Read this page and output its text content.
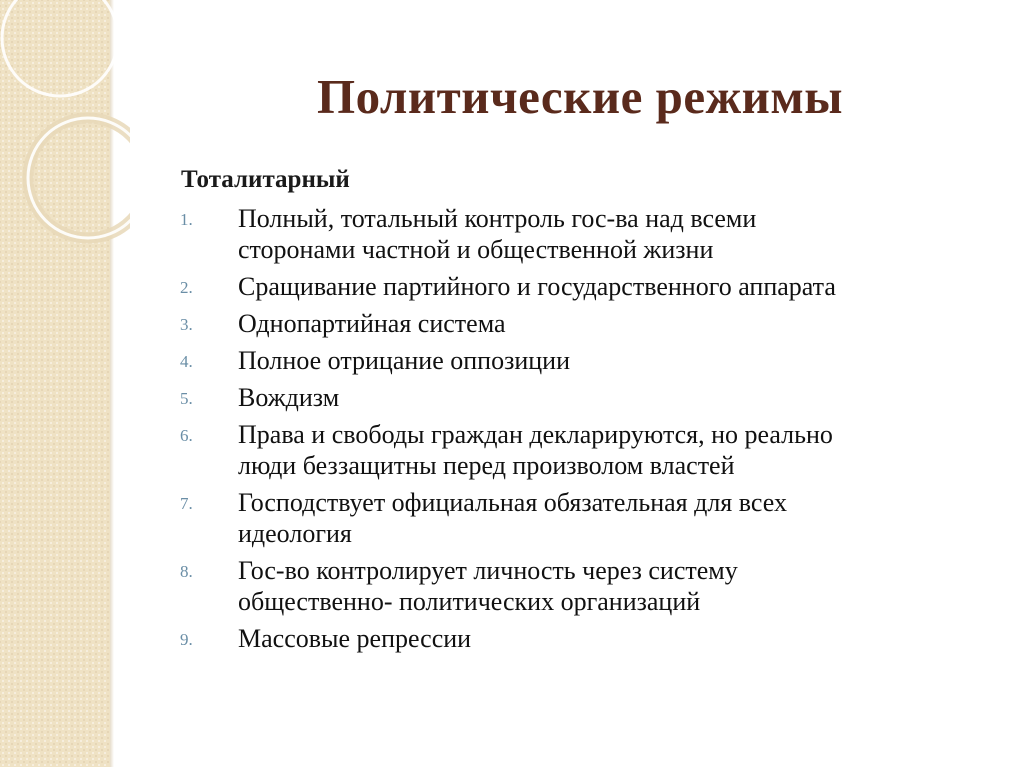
Политические режимы
Тоталитарный
1.	Полный, тотальный контроль гос-ва над всеми
сторонами частной и общественной жизни
2.	Сращивание партийного и государственного аппарата
3.	Однопартийная система
4.	Полное отрицание оппозиции
5.	Вождизм
6.	Права и свободы граждан декларируются, но реально
люди беззащитны перед произволом властей
7.	Господствует официальная обязательная для всех
идеология
8.	Гос-во контролирует личность через систему
общественно- политических организаций
9.	Массовые репрессии
